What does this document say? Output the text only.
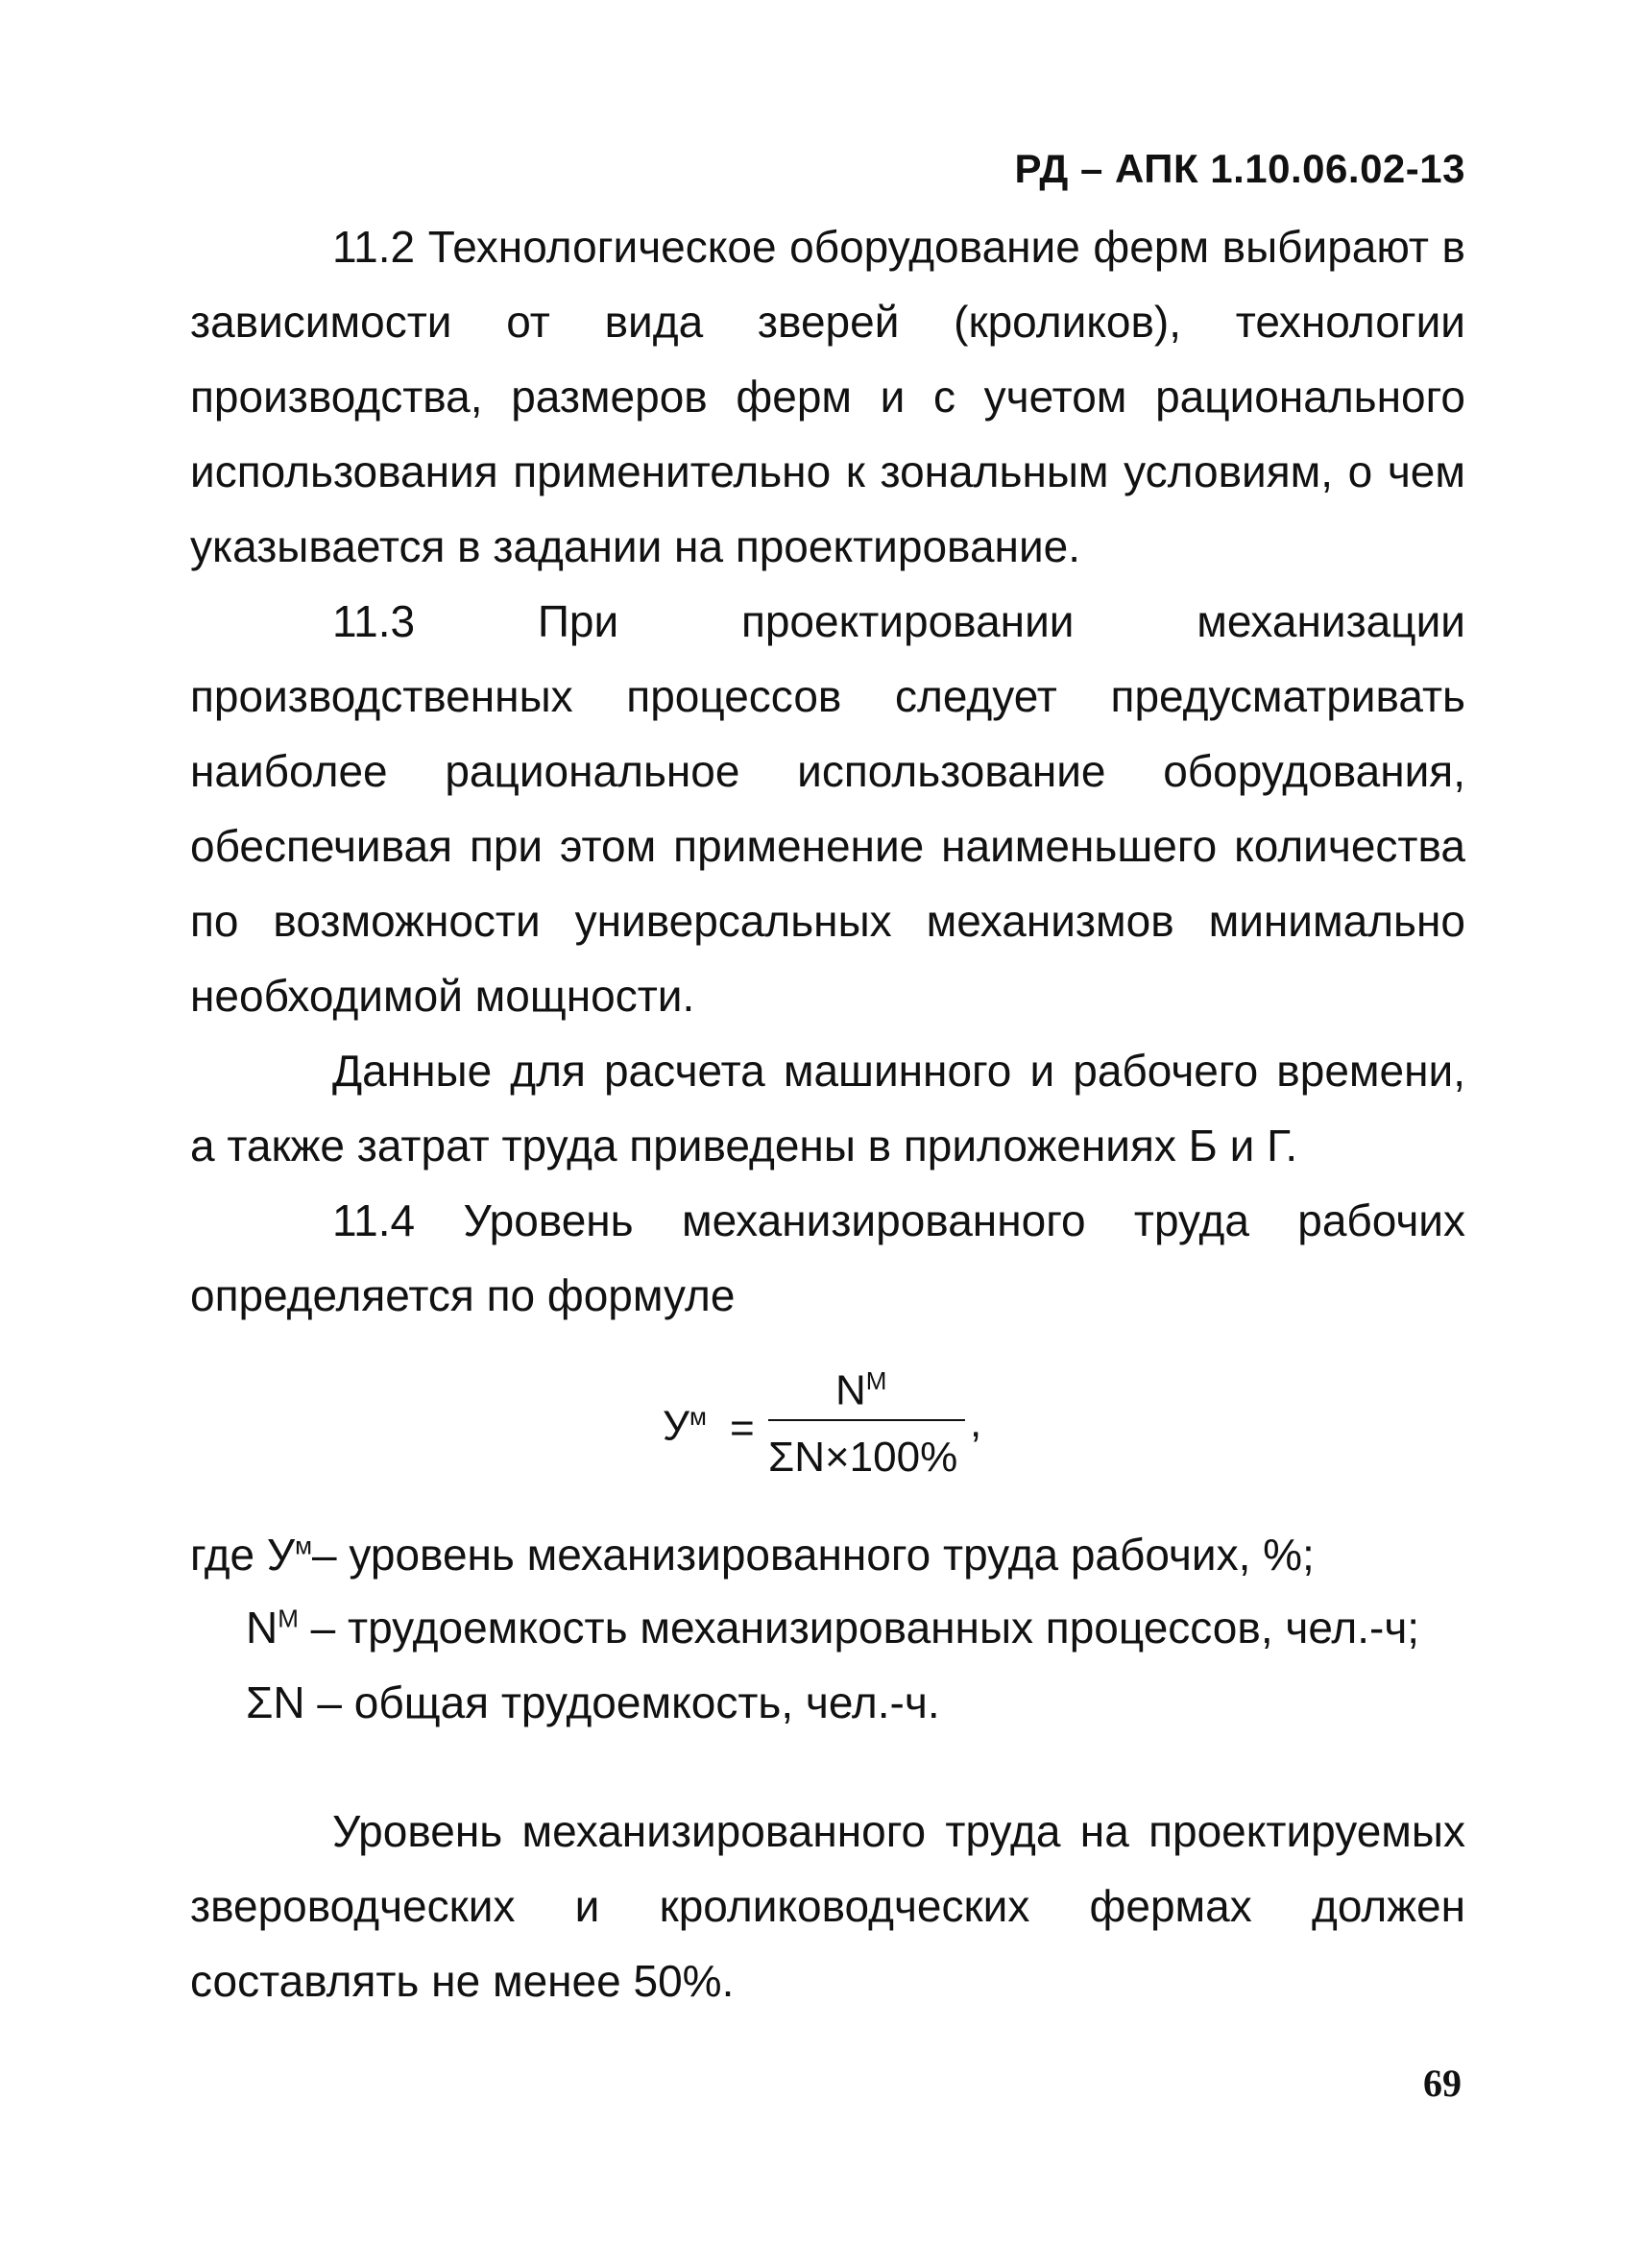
РД – АПК 1.10.06.02-13

11.2 Технологическое оборудование ферм выбирают в зависимости от вида зверей (кроликов), технологии производства, размеров ферм и с учетом рационального использования применительно к зональным условиям, о чем указывается в задании на проектирование.

11.3 При проектировании механизации производственных процессов следует предусматривать наиболее рациональное использование оборудования, обеспечивая при этом применение наименьшего количества по возможности универсальных механизмов минимально необходимой мощности.

Данные для расчета машинного и рабочего времени, а также затрат труда приведены в приложениях Б и Г.

11.4 Уровень механизированного труда рабочих определяется по формуле

$У^м$ =
$N^M$
ΣN×100%
,
где $У^м-$ уровень механизированного труда рабочих, %;
$N^М$ – трудоемкость механизированных процессов, чел.-ч;
ΣN – общая трудоемкость, чел.-ч.

Уровень механизированного труда на проектируемых звероводческих и кролиководческих фермах должен составлять не менее 50%.

69
